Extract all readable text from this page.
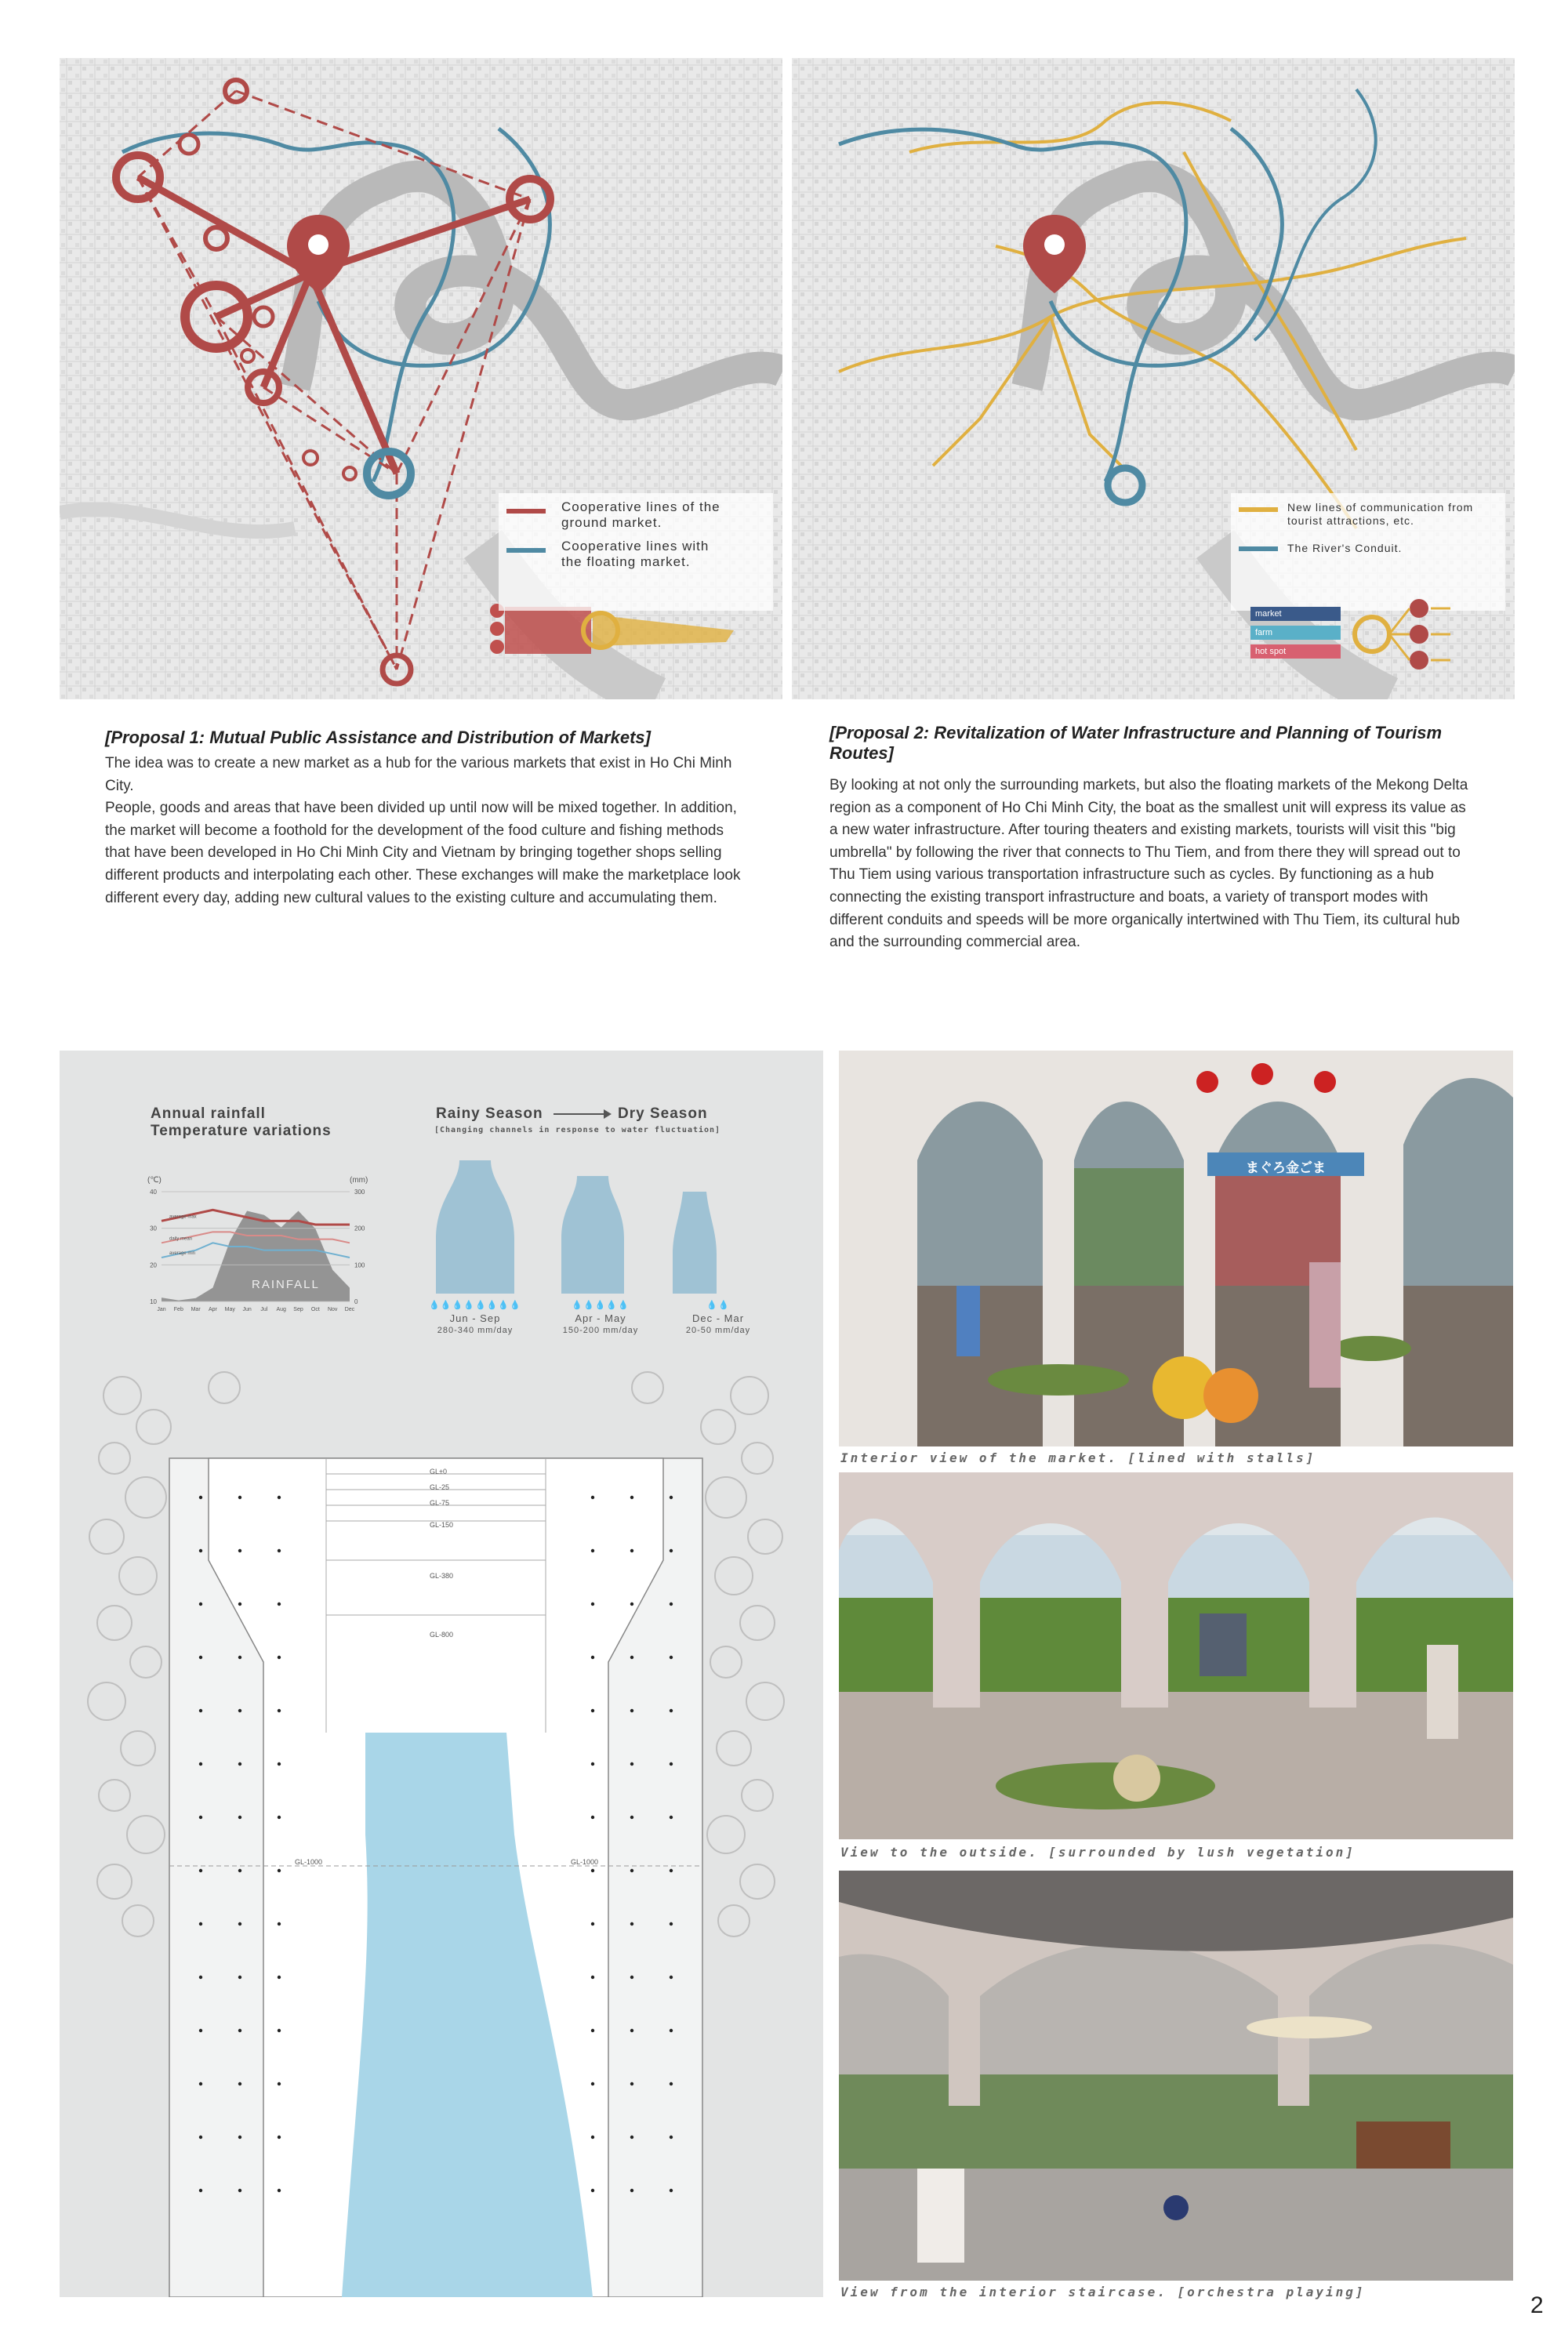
Cooperative lines of the ground market.
Cooperative lines with the floating market.
New lines of communication from tourist attractions, etc.
The River's Conduit.
market
farm
hot spot
[Proposal 1: Mutual Public Assistance and Distribution of Markets]

The idea was to create a new market as a hub for the various markets that exist in Ho Chi Minh City.

People, goods and areas that have been divided up until now will be mixed together. In addition, the market will become a foothold for the development of the food culture and fishing methods that have been developed in Ho Chi Minh City and Vietnam by bringing together shops selling different products and interpolating each other. These exchanges will make the marketplace look different every day, adding new cultural values to the existing culture and accumulating them.

[Proposal 2: Revitalization of Water Infrastructure and Planning of Tourism Routes]
By looking at not only the surrounding markets, but also the floating markets of the Mekong Delta region as a component of Ho Chi Minh City, the boat as the smallest unit will express its value as a new water infrastructure. After touring theaters and existing markets, tourists will visit this "big umbrella" by following the river that connects to Thu Tiem, and from there they will spread out to Thu Tiem using various transportation infrastructure such as cycles. By functioning as a hub connecting the existing transport infrastructure and boats, a variety of transport modes with different conduits and speeds will be more organically intertwined with Thu Tiem, its cultural hub and the surrounding commercial area.
Annual rainfall
Temperature variations
(℃)	(mm)
40	300
30	200
20	100
10	0
average max
daily mean
average min
Jan Feb Mar Apr May Jun Jul Aug Sep Oct Nov Dec
RAINFALL
Rainy Season	Dry Season
[Changing channels in response to water fluctuation]
💧💧💧💧💧💧💧💧
Jun - Sep
280-340 mm/day
💧💧💧💧💧
Apr - May
150-200 mm/day
💧💧
Dec - Mar
20-50 mm/day
GL±0
GL-25
GL-75
GL-150
GL-380
GL-800
GL-1000	GL-1000
まぐろ金ごま
Interior view of the market. [lined with stalls]
View to the outside. [surrounded by lush vegetation]
View from the interior staircase. [orchestra playing]
2
